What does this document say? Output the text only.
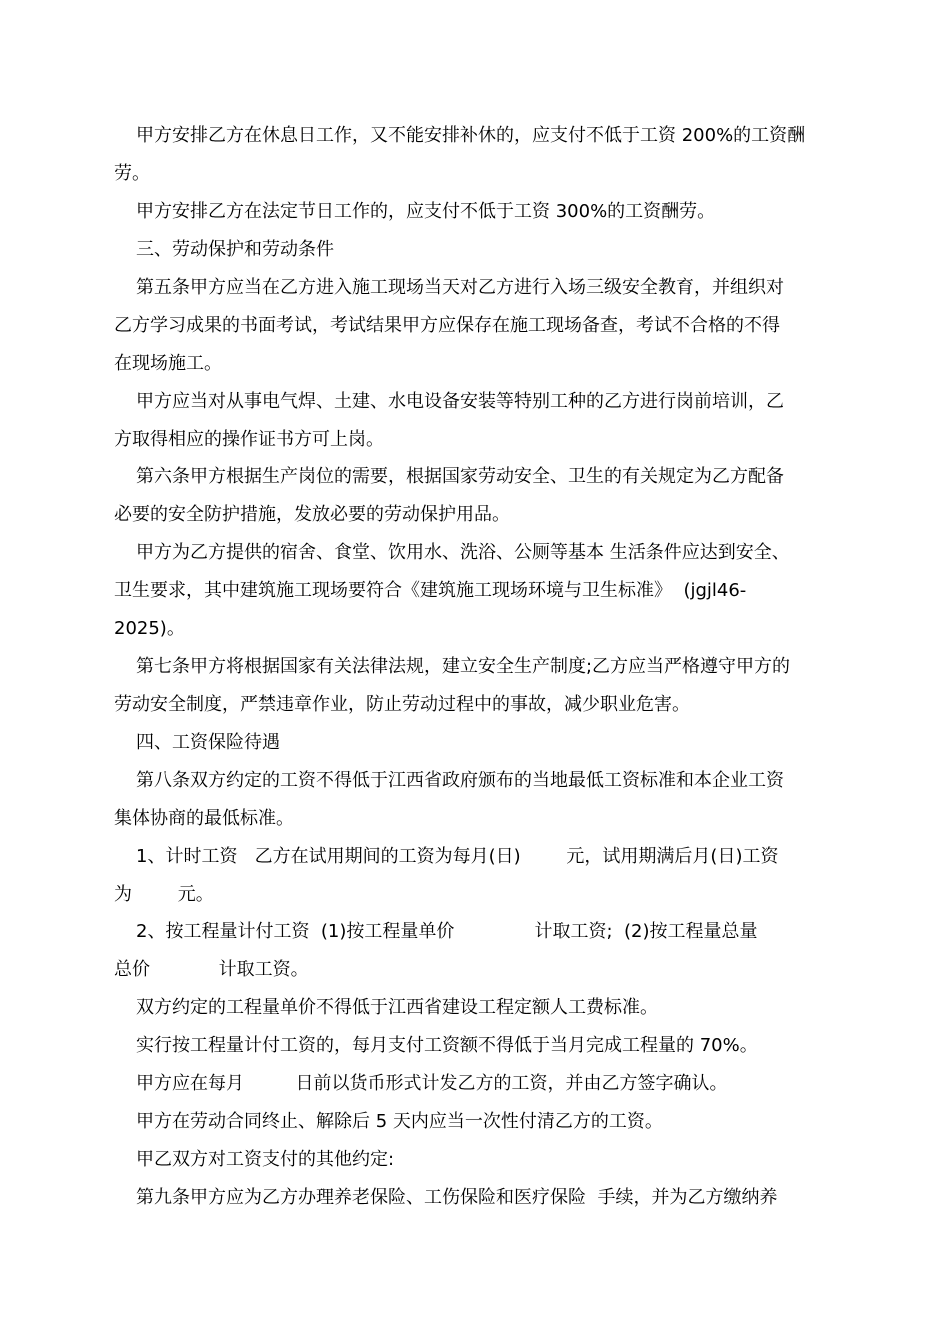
甲方安排乙方在休息日工作，又不能安排补休的，应支付不低于工资 200%的工资酬
劳。
甲方安排乙方在法定节日工作的，应支付不低于工资 300%的工资酬劳。
三、劳动保护和劳动条件
第五条甲方应当在乙方进入施工现场当天对乙方进行入场三级安全教育，并组织对
乙方学习成果的书面考试，考试结果甲方应保存在施工现场备查，考试不合格的不得
在现场施工。
甲方应当对从事电气焊、土建、水电设备安装等特别工种的乙方进行岗前培训，乙
方取得相应的操作证书方可上岗。
第六条甲方根据生产岗位的需要，根据国家劳动安全、卫生的有关规定为乙方配备
必要的安全防护措施，发放必要的劳动保护用品。
甲方为乙方提供的宿舍、食堂、饮用水、洗浴、公厕等基本 生活条件应达到安全、
卫生要求，其中建筑施工现场要符合《建筑施工现场环境与卫生标准》  (jgjl46-
2025)。
第七条甲方将根据国家有关法律法规，建立安全生产制度;乙方应当严格遵守甲方的
劳动安全制度，严禁违章作业，防止劳动过程中的事故，减少职业危害。
四、工资保险待遇
第八条双方约定的工资不得低于江西省政府颁布的当地最低工资标准和本企业工资
集体协商的最低标准。
1、计时工资   乙方在试用期间的工资为每月(日)        元，试用期满后月(日)工资
为        元。
2、按工程量计付工资  (1)按工程量单价              计取工资;  (2)按工程量总量
总价            计取工资。
双方约定的工程量单价不得低于江西省建设工程定额人工费标准。
实行按工程量计付工资的，每月支付工资额不得低于当月完成工程量的 70%。
甲方应在每月         日前以货币形式计发乙方的工资，并由乙方签字确认。
甲方在劳动合同终止、解除后 5 天内应当一次性付清乙方的工资。
甲乙双方对工资支付的其他约定:
第九条甲方应为乙方办理养老保险、工伤保险和医疗保险  手续，并为乙方缴纳养
